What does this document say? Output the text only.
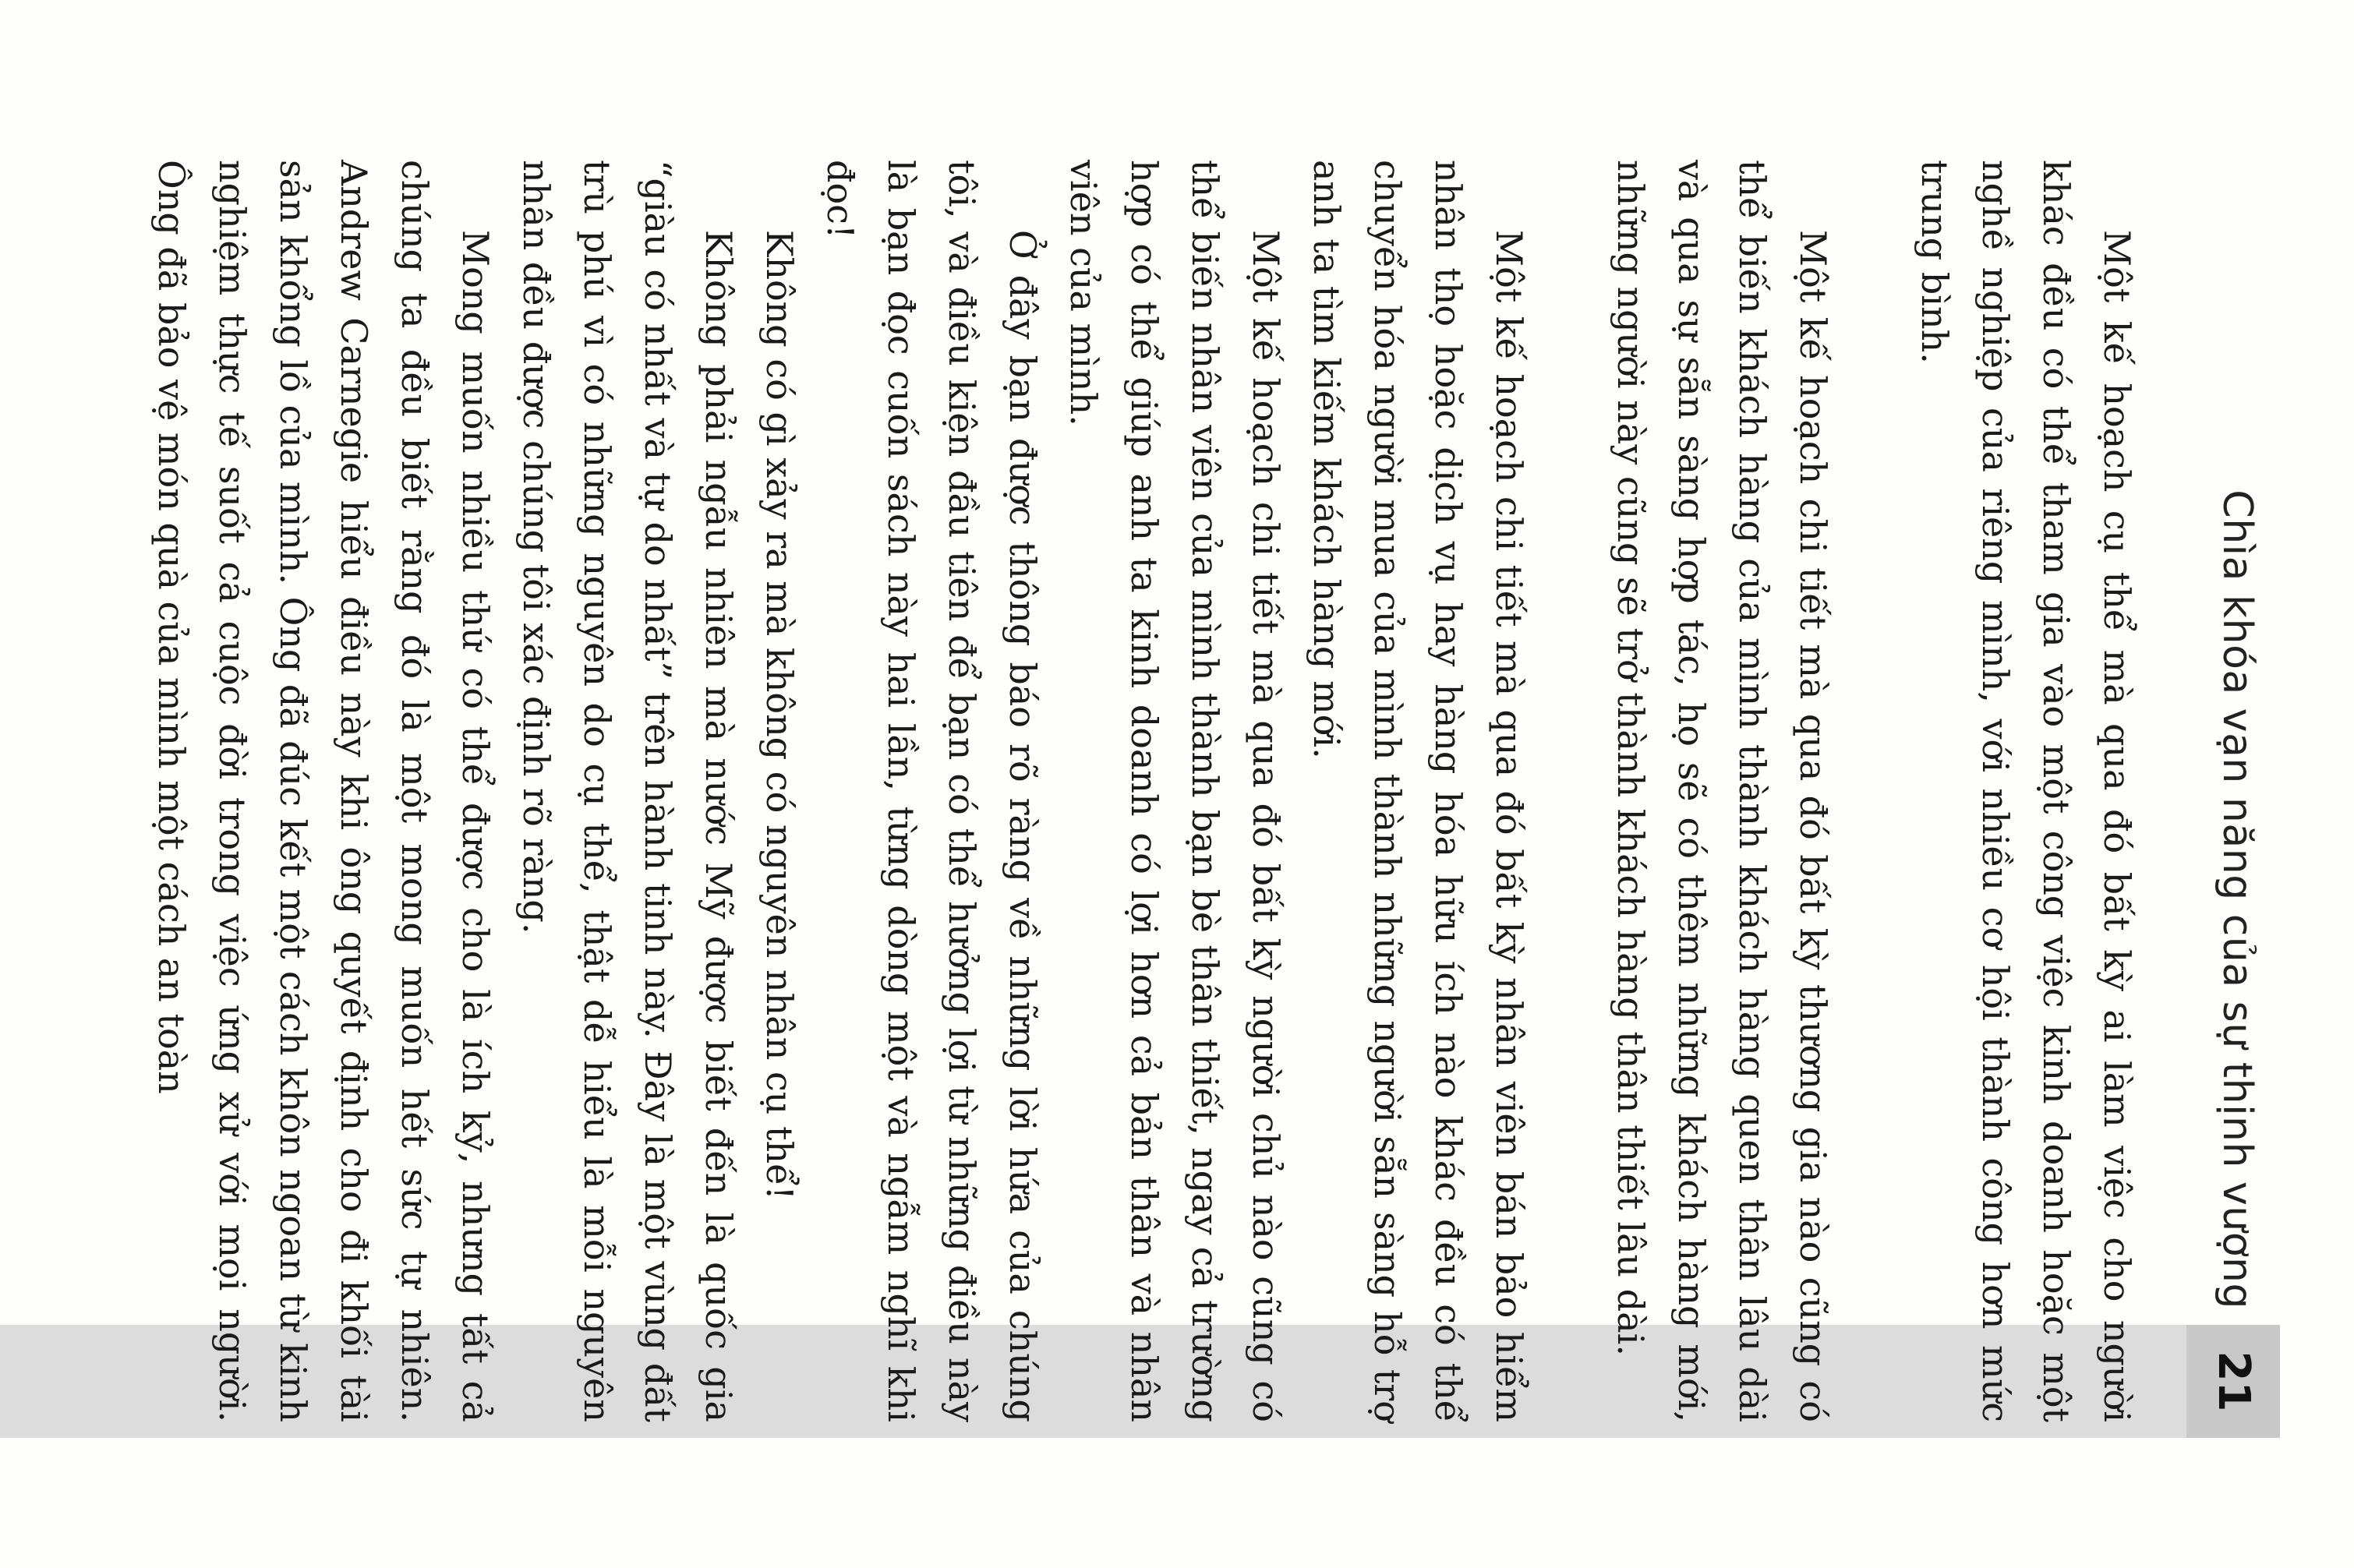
Chìa khóa vạn năng của sự thịnh vượng
21

Một kế hoạch cụ thể mà qua đó bất kỳ ai làm việc cho người khác đều có thể tham gia vào một công việc kinh doanh hoặc một nghề nghiệp của riêng mình, với nhiều cơ hội thành công hơn mức trung bình.

Một kế hoạch chi tiết mà qua đó bất kỳ thương gia nào cũng có thể biến khách hàng của mình thành khách hàng quen thân lâu dài và qua sự sẵn sàng hợp tác, họ sẽ có thêm những khách hàng mới, những người này cũng sẽ trở thành khách hàng thân thiết lâu dài.

Một kế hoạch chi tiết mà qua đó bất kỳ nhân viên bán bảo hiểm nhân thọ hoặc dịch vụ hay hàng hóa hữu ích nào khác đều có thể chuyển hóa người mua của mình thành những người sẵn sàng hỗ trợ anh ta tìm kiếm khách hàng mới.

Một kế hoạch chi tiết mà qua đó bất kỳ người chủ nào cũng có thể biến nhân viên của mình thành bạn bè thân thiết, ngay cả trường hợp có thể giúp anh ta kinh doanh có lợi hơn cả bản thân và nhân viên của mình.

Ở đây bạn được thông báo rõ ràng về những lời hứa của chúng tôi, và điều kiện đầu tiên để bạn có thể hưởng lợi từ những điều này là bạn đọc cuốn sách này hai lần, từng dòng một và ngẫm nghĩ khi đọc!

Không có gì xảy ra mà không có nguyên nhân cụ thể!

Không phải ngẫu nhiên mà nước Mỹ được biết đến là quốc gia “giàu có nhất và tự do nhất” trên hành tinh này. Đây là một vùng đất trù phú vì có những nguyên do cụ thể, thật dễ hiểu là mỗi nguyên nhân đều được chúng tôi xác định rõ ràng.

Mong muốn nhiều thứ có thể được cho là ích kỷ, nhưng tất cả chúng ta đều biết rằng đó là một mong muốn hết sức tự nhiên. Andrew Carnegie hiểu điều này khi ông quyết định cho đi khối tài sản khổng lồ của mình. Ông đã đúc kết một cách khôn ngoan từ kinh nghiệm thực tế suốt cả cuộc đời trong việc ứng xử với mọi người. Ông đã bảo vệ món quà của mình một cách an toàn
